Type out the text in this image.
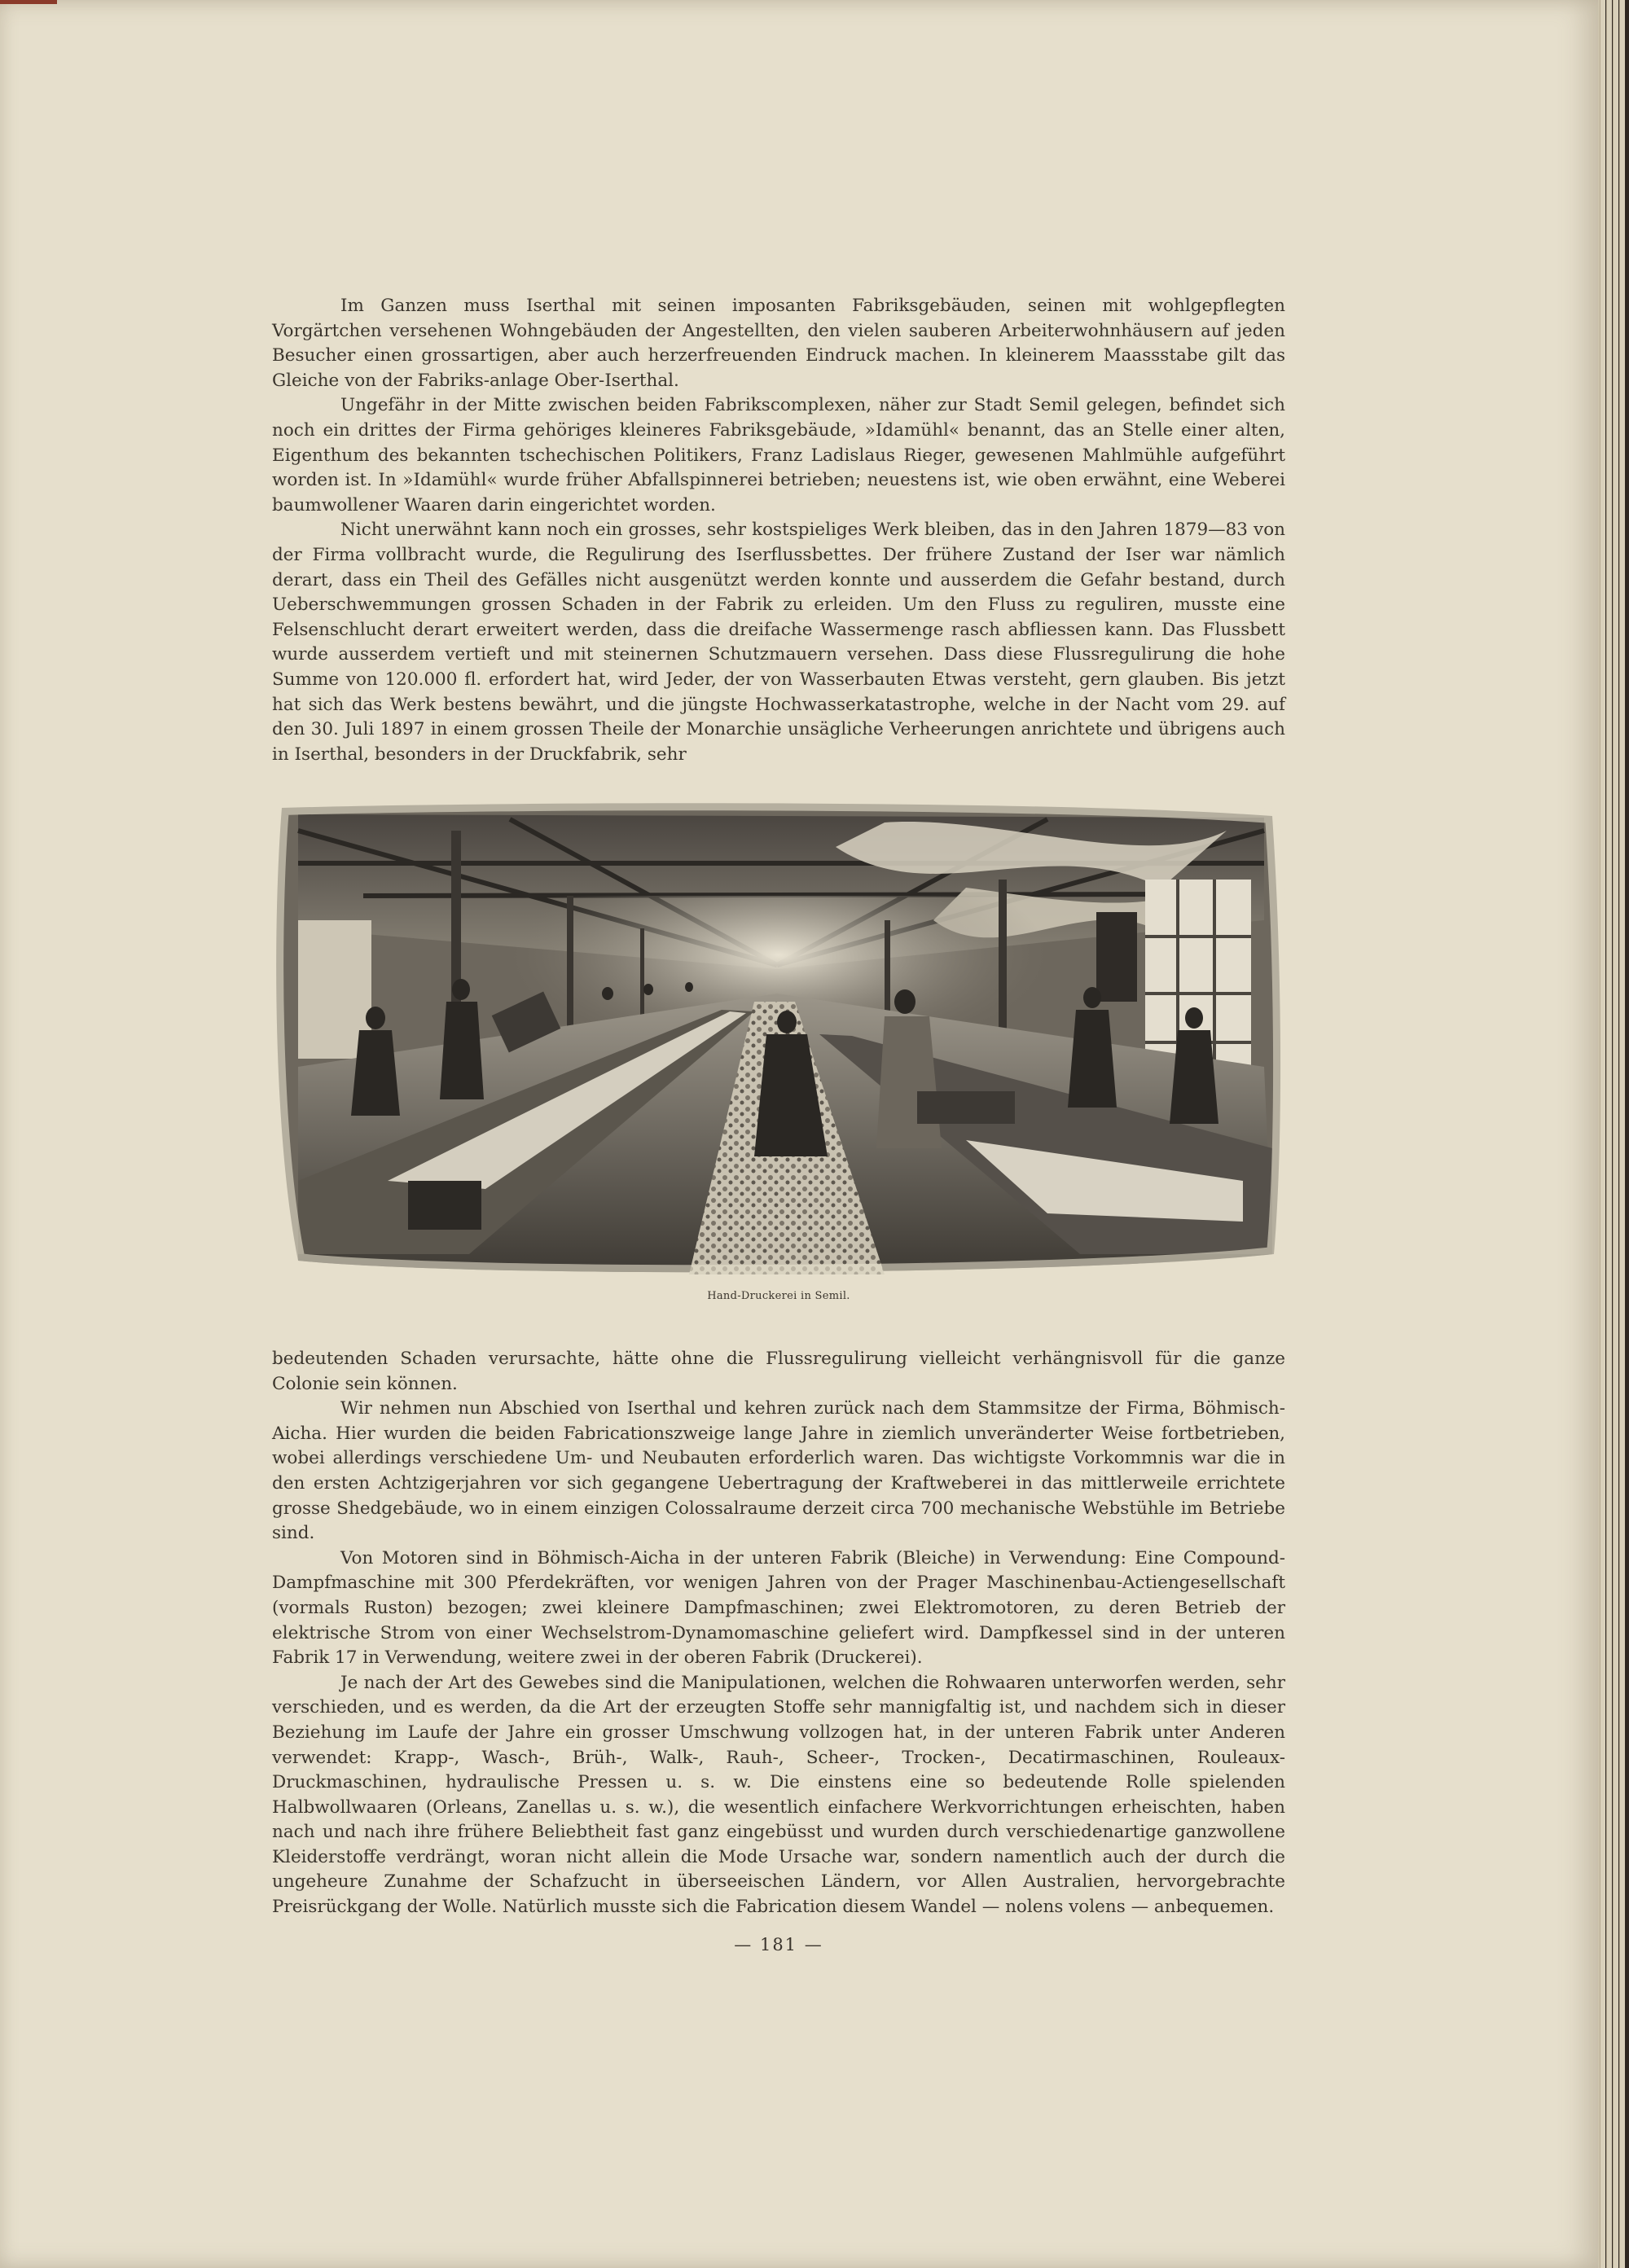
Im Ganzen muss Iserthal mit seinen imposanten Fabriksgebäuden, seinen mit wohlgepflegten Vorgärtchen versehenen Wohngebäuden der Angestellten, den vielen sauberen Arbeiterwohnhäusern auf jeden Besucher einen grossartigen, aber auch herzerfreuenden Eindruck machen. In kleinerem Maassstabe gilt das Gleiche von der Fabriks-anlage Ober-Iserthal.

Ungefähr in der Mitte zwischen beiden Fabrikscomplexen, näher zur Stadt Semil gelegen, befindet sich noch ein drittes der Firma gehöriges kleineres Fabriksgebäude, »Idamühl« benannt, das an Stelle einer alten, Eigenthum des bekannten tschechischen Politikers, Franz Ladislaus Rieger, gewesenen Mahlmühle aufgeführt worden ist. In »Idamühl« wurde früher Abfallspinnerei betrieben; neuestens ist, wie oben erwähnt, eine Weberei baumwollener Waaren darin eingerichtet worden.

Nicht unerwähnt kann noch ein grosses, sehr kostspieliges Werk bleiben, das in den Jahren 1879—83 von der Firma vollbracht wurde, die Regulirung des Iserflussbettes. Der frühere Zustand der Iser war nämlich derart, dass ein Theil des Gefälles nicht ausgenützt werden konnte und ausserdem die Gefahr bestand, durch Ueberschwemmungen grossen Schaden in der Fabrik zu erleiden. Um den Fluss zu reguliren, musste eine Felsenschlucht derart erweitert werden, dass die dreifache Wassermenge rasch abfliessen kann. Das Flussbett wurde ausserdem vertieft und mit steinernen Schutzmauern versehen. Dass diese Flussregulirung die hohe Summe von 120.000 fl. erfordert hat, wird Jeder, der von Wasserbauten Etwas versteht, gern glauben. Bis jetzt hat sich das Werk bestens bewährt, und die jüngste Hochwasserkatastrophe, welche in der Nacht vom 29. auf den 30. Juli 1897 in einem grossen Theile der Monarchie unsägliche Verheerungen anrichtete und übrigens auch in Iserthal, besonders in der Druckfabrik, sehr

Hand-Druckerei in Semil.

bedeutenden Schaden verursachte, hätte ohne die Flussregulirung vielleicht verhängnisvoll für die ganze Colonie sein können.

Wir nehmen nun Abschied von Iserthal und kehren zurück nach dem Stammsitze der Firma, Böhmisch-Aicha. Hier wurden die beiden Fabricationszweige lange Jahre in ziemlich unveränderter Weise fortbetrieben, wobei allerdings verschiedene Um- und Neubauten erforderlich waren. Das wichtigste Vorkommnis war die in den ersten Achtzigerjahren vor sich gegangene Uebertragung der Kraftweberei in das mittlerweile errichtete grosse Shedgebäude, wo in einem einzigen Colossalraume derzeit circa 700 mechanische Webstühle im Betriebe sind.

Von Motoren sind in Böhmisch-Aicha in der unteren Fabrik (Bleiche) in Verwendung: Eine Compound-Dampfmaschine mit 300 Pferdekräften, vor wenigen Jahren von der Prager Maschinenbau-Actiengesellschaft (vormals Ruston) bezogen; zwei kleinere Dampfmaschinen; zwei Elektromotoren, zu deren Betrieb der elektrische Strom von einer Wechselstrom-Dynamomaschine geliefert wird. Dampfkessel sind in der unteren Fabrik 17 in Verwendung, weitere zwei in der oberen Fabrik (Druckerei).

Je nach der Art des Gewebes sind die Manipulationen, welchen die Rohwaaren unterworfen werden, sehr verschieden, und es werden, da die Art der erzeugten Stoffe sehr mannigfaltig ist, und nachdem sich in dieser Beziehung im Laufe der Jahre ein grosser Umschwung vollzogen hat, in der unteren Fabrik unter Anderen verwendet: Krapp-, Wasch-, Brüh-, Walk-, Rauh-, Scheer-, Trocken-, Decatirmaschinen, Rouleaux-Druckmaschinen, hydraulische Pressen u. s. w. Die einstens eine so bedeutende Rolle spielenden Halbwollwaaren (Orleans, Zanellas u. s. w.), die wesentlich einfachere Werkvorrichtungen erheischten, haben nach und nach ihre frühere Beliebtheit fast ganz eingebüsst und wurden durch verschiedenartige ganzwollene Kleiderstoffe verdrängt, woran nicht allein die Mode Ursache war, sondern namentlich auch der durch die ungeheure Zunahme der Schafzucht in überseeischen Ländern, vor Allen Australien, hervorgebrachte Preisrückgang der Wolle. Natürlich musste sich die Fabrication diesem Wandel — nolens volens — anbequemen.

— 181 —
